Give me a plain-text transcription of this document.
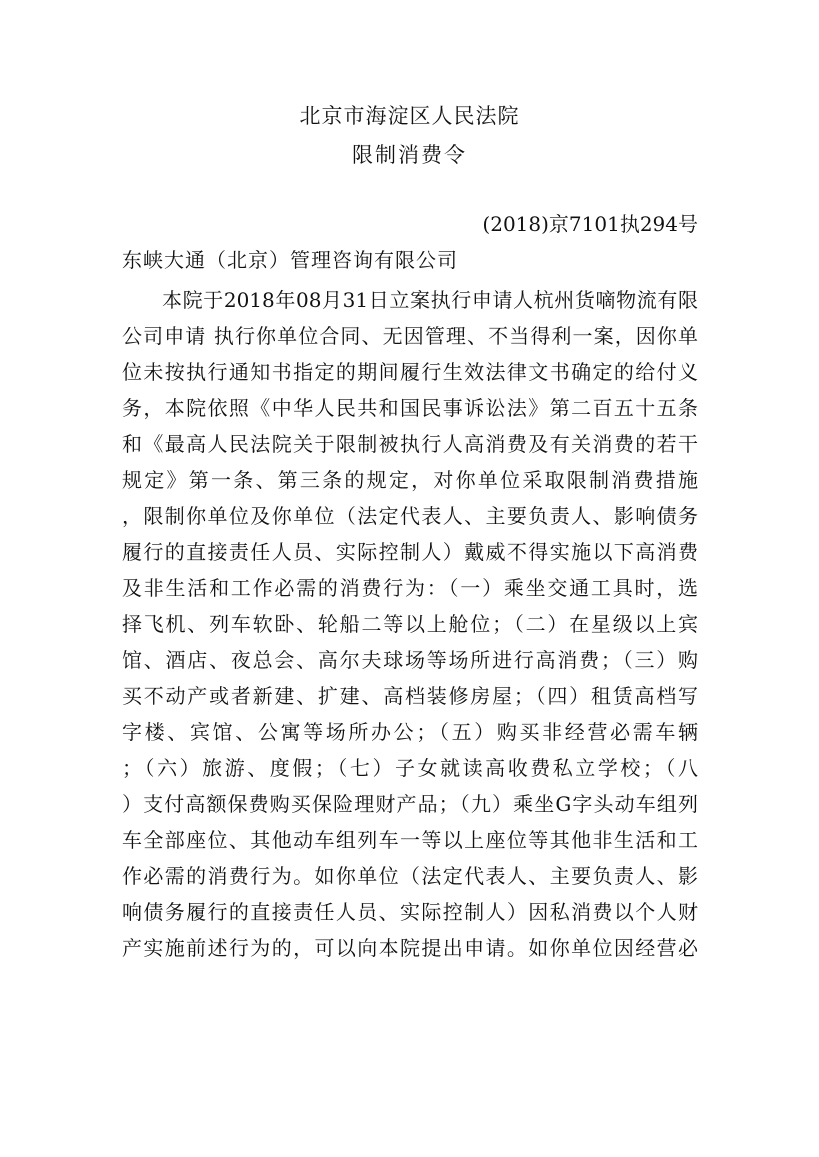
北京市海淀区人民法院
限制消费令
(2018)京7101执294号
东峡大通（北京）管理咨询有限公司
本院于2018年08月31日立案执行申请人杭州货嘀物流有限
公司申请 执行你单位合同、无因管理、不当得利一案，因你单
位未按执行通知书指定的期间履行生效法律文书确定的给付义
务，本院依照《中华人民共和国民事诉讼法》第二百五十五条
和《最高人民法院关于限制被执行人高消费及有关消费的若干
规定》第一条、第三条的规定，对你单位采取限制消费措施
，限制你单位及你单位（法定代表人、主要负责人、影响债务
履行的直接责任人员、实际控制人）戴威不得实施以下高消费
及非生活和工作必需的消费行为：（一）乘坐交通工具时，选
择飞机、列车软卧、轮船二等以上舱位；（二）在星级以上宾
馆、酒店、夜总会、高尔夫球场等场所进行高消费；（三）购
买不动产或者新建、扩建、高档装修房屋；（四）租赁高档写
字楼、宾馆、公寓等场所办公；（五）购买非经营必需车辆
；（六）旅游、度假；（七）子女就读高收费私立学校；（八
）支付高额保费购买保险理财产品；（九）乘坐G字头动车组列
车全部座位、其他动车组列车一等以上座位等其他非生活和工
作必需的消费行为。如你单位（法定代表人、主要负责人、影
响债务履行的直接责任人员、实际控制人）因私消费以个人财
产实施前述行为的，可以向本院提出申请。如你单位因经营必
